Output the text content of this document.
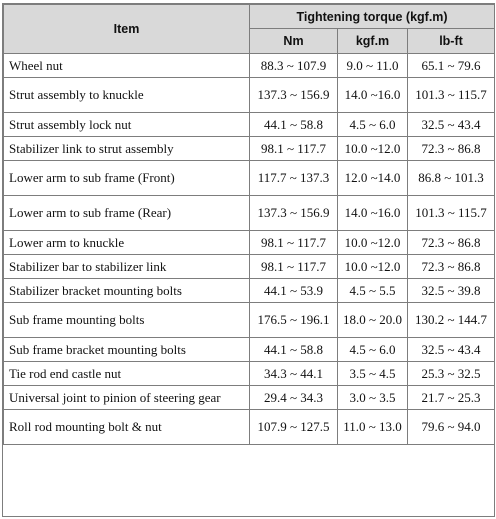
Item	Tightening torque (kgf.m)		
	Nm	kgf.m	lb-ft
Wheel nut	88.3 ~ 107.9	9.0 ~ 11.0	65.1 ~ 79.6
Strut assembly to knuckle	137.3 ~ 156.9	14.0 ~16.0	101.3 ~ 115.7
Strut assembly lock nut	44.1 ~ 58.8	4.5 ~ 6.0	32.5 ~ 43.4
Stabilizer link to strut assembly	98.1 ~ 117.7	10.0 ~12.0	72.3 ~ 86.8
Lower arm to sub frame (Front)	117.7 ~ 137.3	12.0 ~14.0	86.8 ~ 101.3
Lower arm to sub frame (Rear)	137.3 ~ 156.9	14.0 ~16.0	101.3 ~ 115.7
Lower arm to knuckle	98.1 ~ 117.7	10.0 ~12.0	72.3 ~ 86.8
Stabilizer bar to stabilizer link	98.1 ~ 117.7	10.0 ~12.0	72.3 ~ 86.8
Stabilizer bracket mounting bolts	44.1 ~ 53.9	4.5 ~ 5.5	32.5 ~ 39.8
Sub frame mounting bolts	176.5 ~ 196.1	18.0 ~ 20.0	130.2 ~ 144.7
Sub frame bracket mounting bolts	44.1 ~ 58.8	4.5 ~ 6.0	32.5 ~ 43.4
Tie rod end castle nut	34.3 ~ 44.1	3.5 ~ 4.5	25.3 ~ 32.5
Universal joint to pinion of steering gear	29.4 ~ 34.3	3.0 ~ 3.5	21.7 ~ 25.3
Roll rod mounting bolt & nut	107.9 ~ 127.5	11.0 ~ 13.0	79.6 ~ 94.0
